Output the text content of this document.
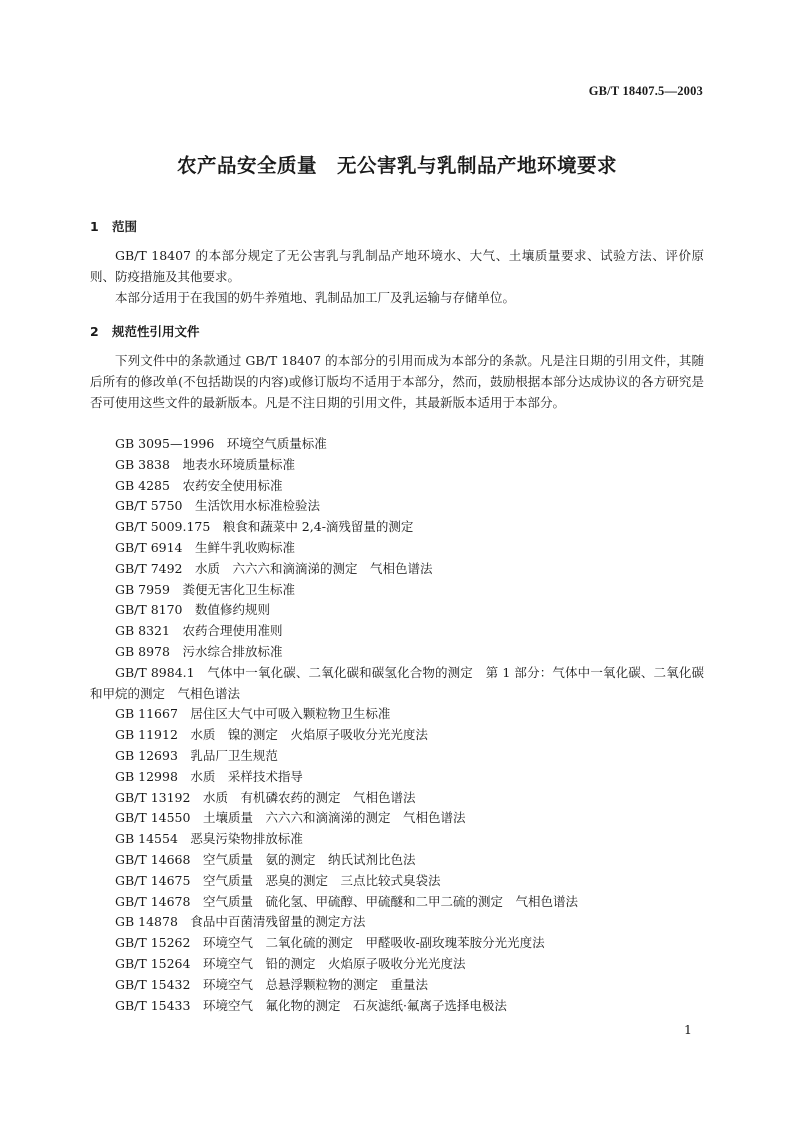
GB/T 18407.5—2003
农产品安全质量　无公害乳与乳制品产地环境要求
1 范围
GB/T 18407 的本部分规定了无公害乳与乳制品产地环境水、大气、土壤质量要求、试验方法、评价原则、防疫措施及其他要求。
本部分适用于在我国的奶牛养殖地、乳制品加工厂及乳运输与存储单位。
2 规范性引用文件
下列文件中的条款通过 GB/T 18407 的本部分的引用而成为本部分的条款。凡是注日期的引用文件，其随后所有的修改单(不包括勘误的内容)或修订版均不适用于本部分，然而，鼓励根据本部分达成协议的各方研究是否可使用这些文件的最新版本。凡是不注日期的引用文件，其最新版本适用于本部分。
GB 3095—1996　环境空气质量标准
GB 3838　地表水环境质量标准
GB 4285　农药安全使用标准
GB/T 5750　生活饮用水标准检验法
GB/T 5009.175　粮食和蔬菜中 2,4-滴残留量的测定
GB/T 6914　生鲜牛乳收购标准
GB/T 7492　水质　六六六和滴滴涕的测定　气相色谱法
GB 7959　粪便无害化卫生标准
GB/T 8170　数值修约规则
GB 8321　农药合理使用准则
GB 8978　污水综合排放标准
GB/T 8984.1　气体中一氧化碳、二氧化碳和碳氢化合物的测定　第 1 部分：气体中一氧化碳、二氧化碳和甲烷的测定　气相色谱法
GB 11667　居住区大气中可吸入颗粒物卫生标准
GB 11912　水质　镍的测定　火焰原子吸收分光光度法
GB 12693　乳品厂卫生规范
GB 12998　水质　采样技术指导
GB/T 13192　水质　有机磷农药的测定　气相色谱法
GB/T 14550　土壤质量　六六六和滴滴涕的测定　气相色谱法
GB 14554　恶臭污染物排放标准
GB/T 14668　空气质量　氨的测定　纳氏试剂比色法
GB/T 14675　空气质量　恶臭的测定　三点比较式臭袋法
GB/T 14678　空气质量　硫化氢、甲硫醇、甲硫醚和二甲二硫的测定　气相色谱法
GB 14878　食品中百菌清残留量的测定方法
GB/T 15262　环境空气　二氧化硫的测定　甲醛吸收-副玫瑰苯胺分光光度法
GB/T 15264　环境空气　铅的测定　火焰原子吸收分光光度法
GB/T 15432　环境空气　总悬浮颗粒物的测定　重量法
GB/T 15433　环境空气　氟化物的测定　石灰滤纸·氟离子选择电极法
1
